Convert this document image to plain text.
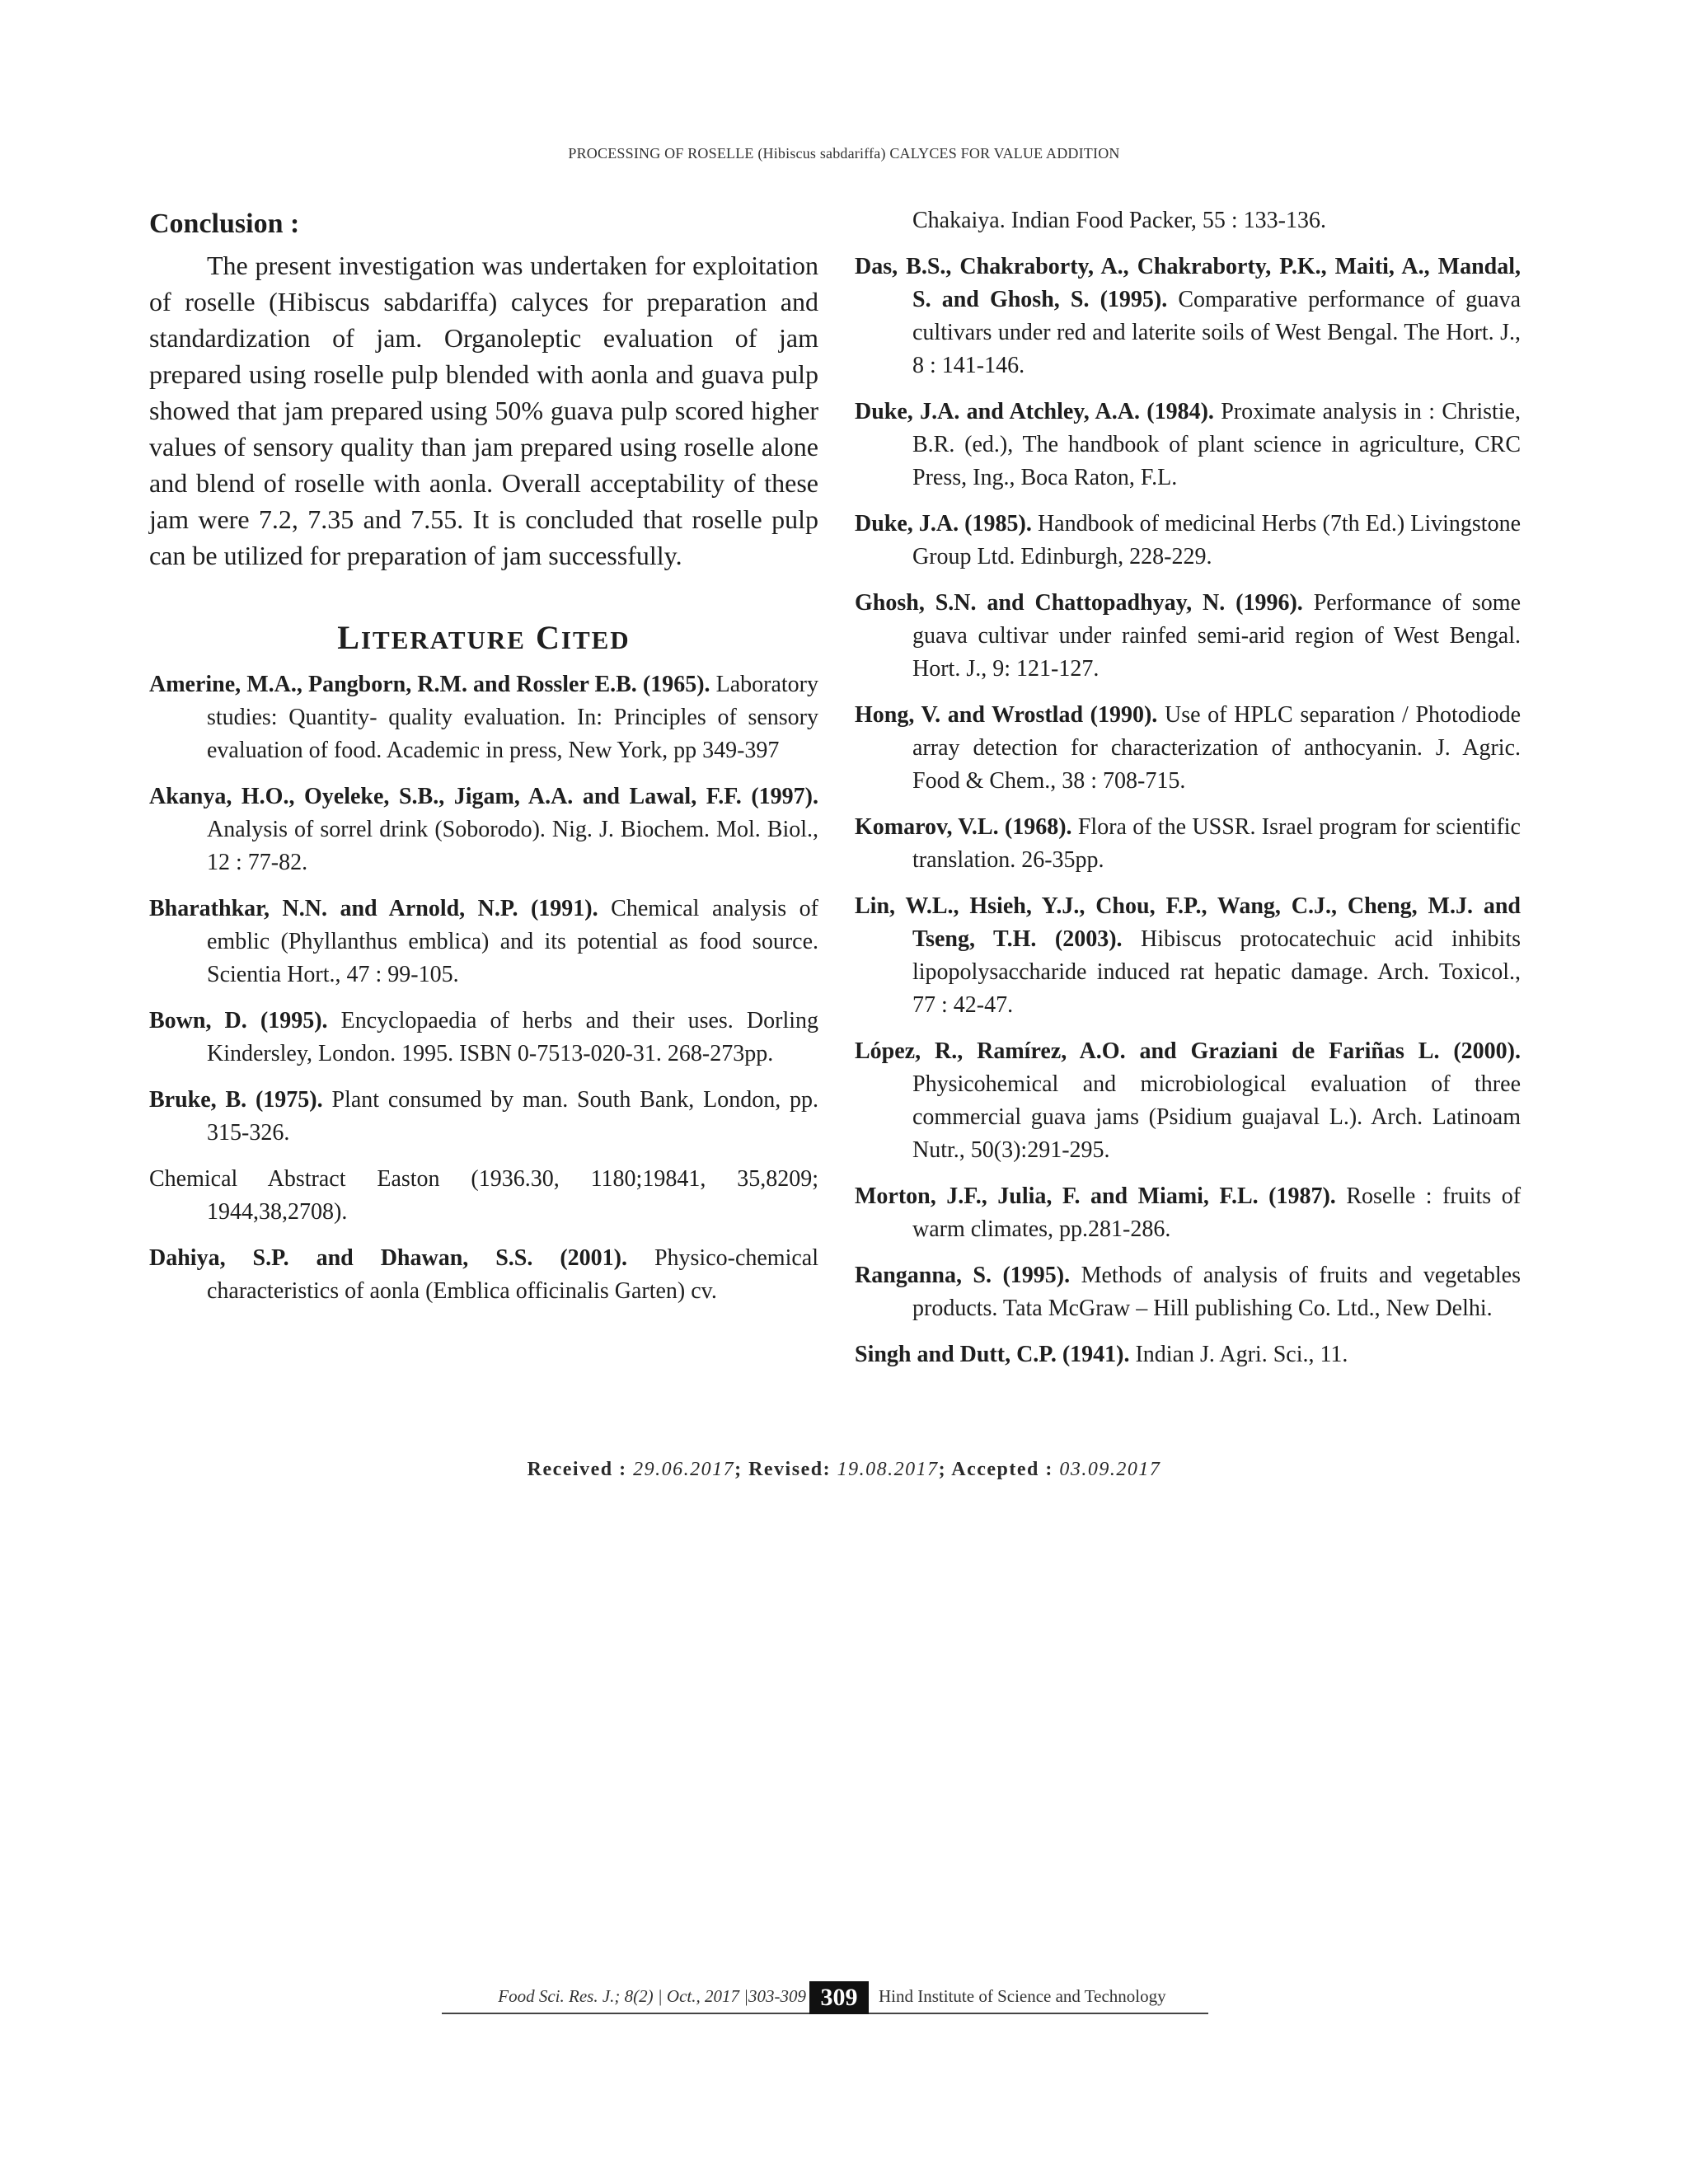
PROCESSING OF ROSELLE (Hibiscus sabdariffa) CALYCES FOR VALUE ADDITION
Conclusion :

The present investigation was undertaken for exploitation of roselle (Hibiscus sabdariffa) calyces for preparation and standardization of jam. Organoleptic evaluation of jam prepared using roselle pulp blended with aonla and guava pulp showed that jam prepared using 50% guava pulp scored higher values of sensory quality than jam prepared using roselle alone and blend of roselle with aonla. Overall acceptability of these jam were 7.2, 7.35 and 7.55. It is concluded that roselle pulp can be utilized for preparation of jam successfully.

LITERATURE CITED

Amerine, M.A., Pangborn, R.M. and Rossler E.B. (1965). Laboratory studies: Quantity- quality evaluation. In: Principles of sensory evaluation of food. Academic in press, New York, pp 349-397

Akanya, H.O., Oyeleke, S.B., Jigam, A.A. and Lawal, F.F. (1997). Analysis of sorrel drink (Soborodo). Nig. J. Biochem. Mol. Biol., 12 : 77-82.

Bharathkar, N.N. and Arnold, N.P. (1991). Chemical analysis of emblic (Phyllanthus emblica) and its potential as food source. Scientia Hort., 47 : 99-105.

Bown, D. (1995). Encyclopaedia of herbs and their uses. Dorling Kindersley, London. 1995. ISBN 0-7513-020-31. 268-273pp.

Bruke, B. (1975). Plant consumed by man. South Bank, London, pp. 315-326.

Chemical Abstract Easton (1936.30, 1180;19841, 35,8209; 1944,38,2708).

Dahiya, S.P. and Dhawan, S.S. (2001). Physico-chemical characteristics of aonla (Emblica officinalis Garten) cv.

Chakaiya. Indian Food Packer, 55 : 133-136.

Das, B.S., Chakraborty, A., Chakraborty, P.K., Maiti, A., Mandal, S. and Ghosh, S. (1995). Comparative performance of guava cultivars under red and laterite soils of West Bengal. The Hort. J., 8 : 141-146.

Duke, J.A. and Atchley, A.A. (1984). Proximate analysis in : Christie, B.R. (ed.), The handbook of plant science in agriculture, CRC Press, Ing., Boca Raton, F.L.

Duke, J.A. (1985). Handbook of medicinal Herbs (7th Ed.) Livingstone Group Ltd. Edinburgh, 228-229.

Ghosh, S.N. and Chattopadhyay, N. (1996). Performance of some guava cultivar under rainfed semi-arid region of West Bengal. Hort. J., 9: 121-127.

Hong, V. and Wrostlad (1990). Use of HPLC separation / Photodiode array detection for characterization of anthocyanin. J. Agric. Food & Chem., 38 : 708-715.

Komarov, V.L. (1968). Flora of the USSR. Israel program for scientific translation. 26-35pp.

Lin, W.L., Hsieh, Y.J., Chou, F.P., Wang, C.J., Cheng, M.J. and Tseng, T.H. (2003). Hibiscus protocatechuic acid inhibits lipopolysaccharide induced rat hepatic damage. Arch. Toxicol., 77 : 42-47.

López, R., Ramírez, A.O. and Graziani de Fariñas L. (2000). Physicohemical and microbiological evaluation of three commercial guava jams (Psidium guajaval L.). Arch. Latinoam Nutr., 50(3):291-295.

Morton, J.F., Julia, F. and Miami, F.L. (1987). Roselle : fruits of warm climates, pp.281-286.

Ranganna, S. (1995). Methods of analysis of fruits and vegetables products. Tata McGraw – Hill publishing Co. Ltd., New Delhi.

Singh and Dutt, C.P. (1941). Indian J. Agri. Sci., 11.

Received : 29.06.2017; Revised: 19.08.2017; Accepted : 03.09.2017
Food Sci. Res. J.; 8(2) | Oct., 2017 |303-309 309	Hind Institute of Science and Technology
